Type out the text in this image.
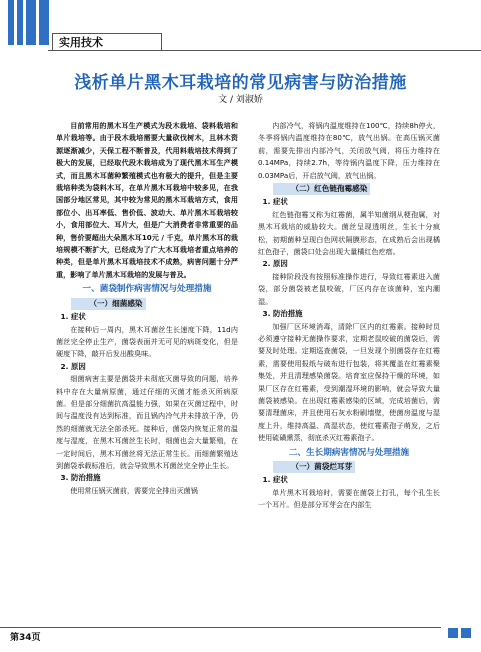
实用技术
浅析单片黑木耳栽培的常见病害与防治措施
文 / 刘淑娇

目前常用的黑木耳生产模式为段木栽培、袋料栽培和单片栽培等。由于段木栽培需要大量砍伐树木，且林木资源逐渐减少，天保工程不断普及，代用料栽培技术得到了极大的发展，已经取代段木栽培成为了现代黑木耳生产模式，而且黑木耳菌种繁殖模式也有极大的提升，但是主要栽培种类为袋料木耳，在单片黑木耳栽培中较多见，在我国部分地区常见，其中较为常见的黑木耳栽培方式，食用部位小、出耳率低、售价低、波动大、单片黑木耳栽培较小，食用部位大、耳片大，但是广大消费者非常重要的品种，售价要超出大朵黑木耳10元 / 千克，单片黑木耳的栽培规模不断扩大，已经成为了广大木耳栽培者重点培养的种类，但是单片黑木耳栽培技术不成熟，病害问题十分严重，影响了单片黑木耳栽培的发展与普及。

一、菌袋制作病害情况与处理措施

（一）细菌感染

1. 症状

在接种后一周内，黑木耳菌丝生长速度下降，11d内菌丝完全停止生产，菌袋表面并无可见的病斑变化，但是硬度下降，敲开后发出酸臭味。

2. 原因

细菌病害主要是菌袋并未彻底灭菌导致的问题，培养料中存在大量病原菌，通过仔细的灭菌才能杀灭所病原菌。但是部分细菌抗高温能力强，如果在灭菌过程中，时间与温度没有达到标准，而且锅内冷气并未排放干净，仍然的细菌就无法全部杀死。接种后，菌袋内恢复正常的温度与湿度，在黑木耳菌丝生长时，细菌也会大量繁殖，在一定时间后，黑木耳菌丝将无法正常生长。而细菌繁殖达到菌袋承载标准后，就会导致黑木耳菌丝完全停止生长。

3. 防治措施

使用常压锅灭菌前，需要完全排出灭菌锅

内部冷气，将锅内温度维持在100℃，持续8h停火，冬季将锅内温度维持在80℃，放气出锅。在高压锅灭菌前，需要先排出内部冷气，关闭放气阀，将压力维持在0.14MPa，持续2.7h，等待锅内温度下降，压力维持在0.03MPa后，开启放气阀，放气出锅。

（二）红色链孢霉感染

1. 症状

红色链孢霉又称为红霉菌，属半知菌纲从梗孢属，对黑木耳栽培的威胁较大。菌丝呈现透明丝，生长十分疯松，初期菌种呈现白色网状隔膜形态，在成熟后会出现橘红色孢子，菌袋口处会出现大量橘红色疙瘩。

2. 原因

接种阶段没有按照标准操作进行，导致红霉素进入菌袋，部分菌袋被老鼠咬破，厂区内存在该菌种，室内潮湿。

3. 防治措施

加强厂区环境消毒，清除厂区内的红霉素。接种时员必须遵守接种无菌操作要求，定期老鼠咬破的菌袋后，需要及时处理。定期巡查菌袋，一旦发现个别菌袋存在红霉素，需要使用报纸与破布进行包装，将其覆盖在红霉素聚集处，并且清理感染菌袋。培育室应保持干燥的环境，如果厂区存在红霉素，受到潮湿环境的影响，就会导致大量菌袋被感染。在出现红霉素感染的区域，完成培菌后，需要清理菌床，并且使用石灰水粉刷墙壁，使菌房温度与湿度上升，维持高温、高湿状态，使红霉素孢子萌发，之后使用硫磺熏蒸，彻底杀灭红霉素孢子。

二、生长期病害情况与处理措施

（一）菌袋烂耳芽

1. 症状

单片黑木耳栽培时，需要在菌袋上打孔，每个孔生长一个耳片。但是部分耳芽会在内部生

第34页
